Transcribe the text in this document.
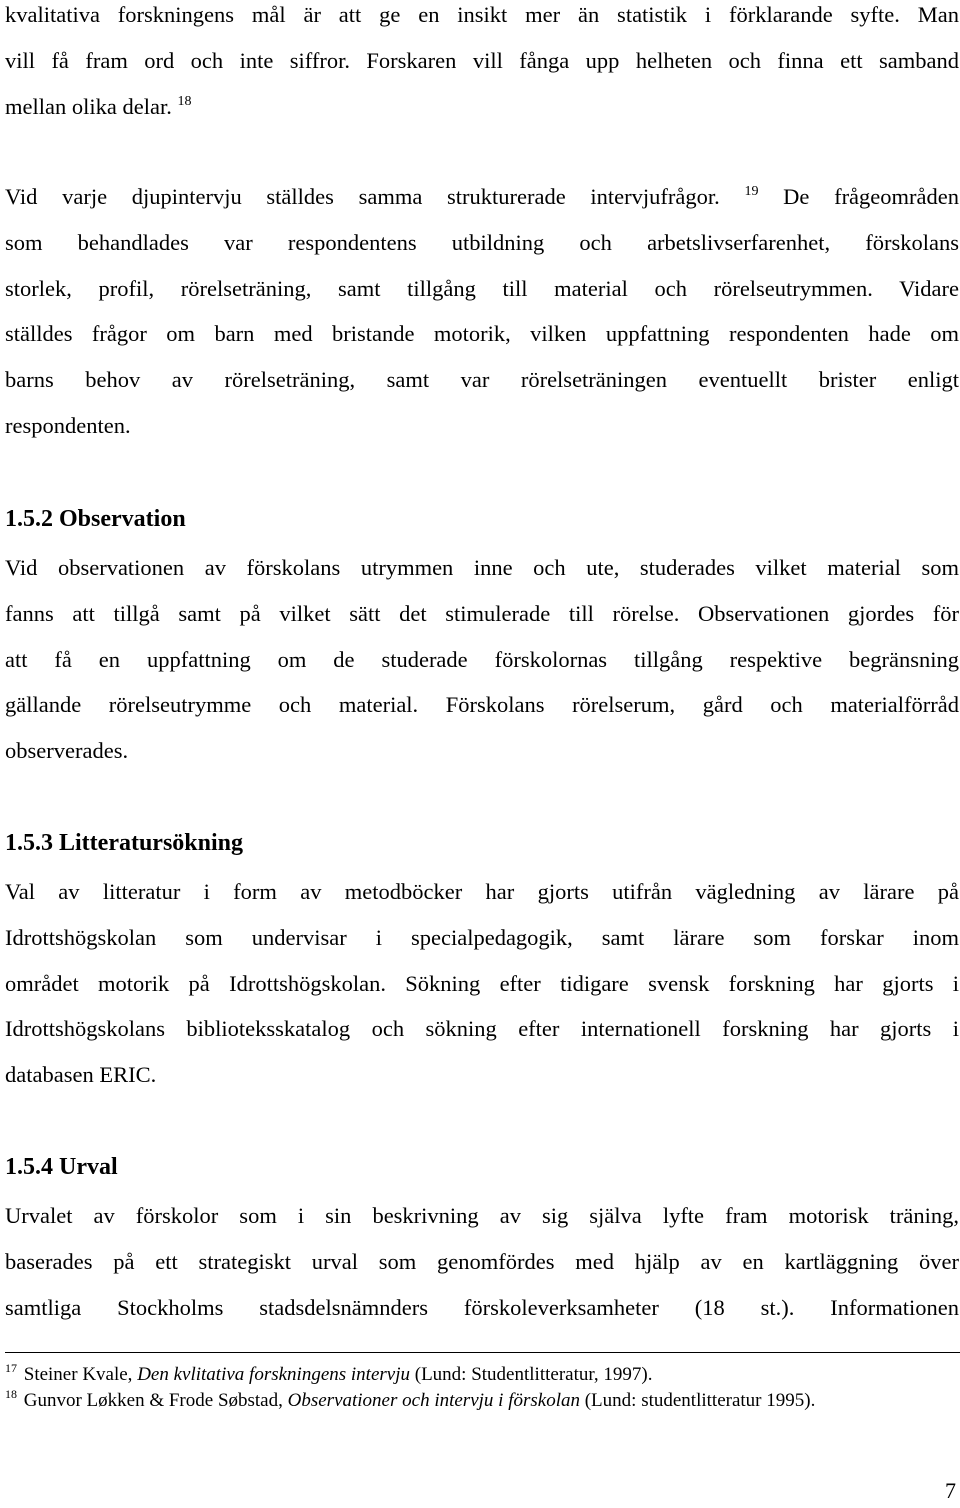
kvalitativa forskningens mål är att ge en insikt mer än statistik i förklarande syfte. Man
vill få fram ord och inte siffror. Forskaren vill fånga upp helheten och finna ett samband
mellan olika delar. $^{18}$

Vid varje djupintervju ställdes samma strukturerade intervjufrågor. $^{19}$ De frågeområden
som behandlades var respondentens utbildning och arbetslivserfarenhet, förskolans
storlek, profil, rörelseträning, samt tillgång till material och rörelseutrymmen. Vidare
ställdes frågor om barn med bristande motorik, vilken uppfattning respondenten hade om
barns behov av rörelseträning, samt var rörelseträningen eventuellt brister enligt
respondenten.

1.5.2 Observation

Vid observationen av förskolans utrymmen inne och ute, studerades vilket material som
fanns att tillgå samt på vilket sätt det stimulerade till rörelse. Observationen gjordes för
att få en uppfattning om de studerade förskolornas tillgång respektive begränsning
gällande rörelseutrymme och material. Förskolans rörelserum, gård och materialförråd
observerades.

1.5.3 Litteratursökning

Val av litteratur i form av metodböcker har gjorts utifrån vägledning av lärare på
Idrottshögskolan som undervisar i specialpedagogik, samt lärare som forskar inom
området motorik på Idrottshögskolan. Sökning efter tidigare svensk forskning har gjorts i
Idrottshögskolans biblioteksskatalog och sökning efter internationell forskning har gjorts i
databasen ERIC.

1.5.4 Urval

Urvalet av förskolor som i sin beskrivning av sig själva lyfte fram motorisk träning,
baserades på ett strategiskt urval som genomfördes med hjälp av en kartläggning över
samtliga Stockholms stadsdelsnämnders förskoleverksamheter (18 st.). Informationen

$^{17}$ Steiner Kvale, Den kvlitativa forskningens intervju (Lund: Studentlitteratur, 1997).
$^{18}$ Gunvor Løkken & Frode Søbstad, Observationer och intervju i förskolan (Lund: studentlitteratur 1995).
7
